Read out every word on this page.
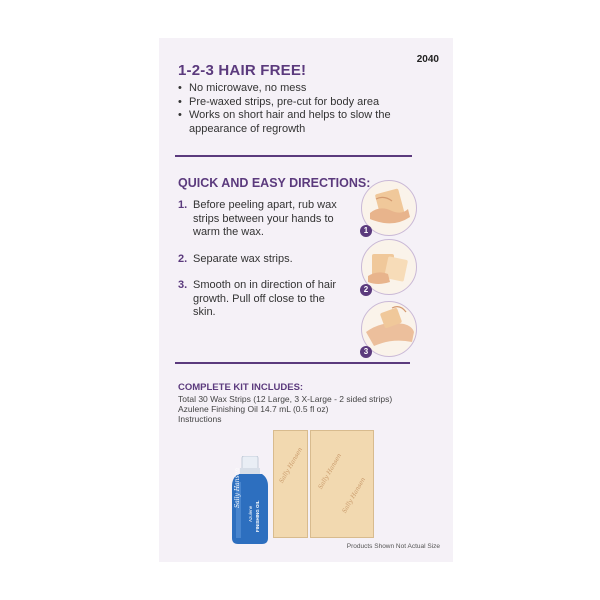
2040
1-2-3 HAIR FREE!
• No microwave, no mess
• Pre-waxed strips, pre-cut for body area
• Works on short hair and helps to slow the appearance of regrowth
QUICK AND EASY DIRECTIONS:
1. Before peeling apart, rub wax strips between your hands to warm the wax.
2. Separate wax strips.
3. Smooth on in direction of hair growth. Pull off close to the skin.
1
2
3
COMPLETE KIT INCLUDES:
Total 30 Wax Strips (12 Large, 3 X-Large - 2 sided strips)
Azulene Finishing Oil 14.7 mL (0.5 fl oz)
Instructions
Sally Hansen
Azulene FINISHING OIL
Sally Hansen	Sally Hansen
Sally Hansen
Products Shown Not Actual Size
